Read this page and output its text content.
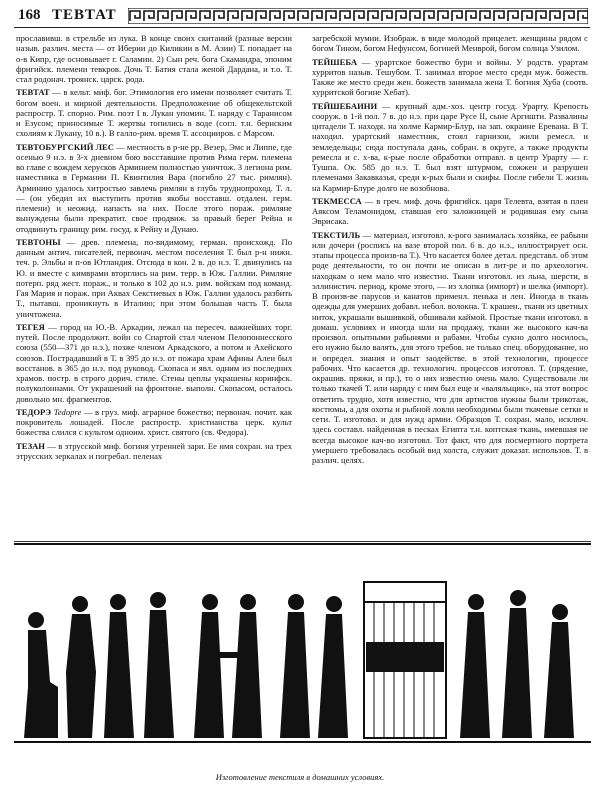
168 ТЕВТАТ

прославивш. в стрельбе из лука. В конце своих скитаний (разные версии назыв. различ. места — от Иберии до Киликии в М. Азии) Т. попадает на о-в Кипр, где основывает г. Саламин. 2) Сын реч. бога Скамандра, эпоним фригийск. племени тевкров. Дочь Т. Батия стала женой Дардана, и т.о. Т. стал родонач. троянск. царск. рода.

ТЕВТАТ — в кельт. миф. бог. Этимология его имени позволяет считать Т. богом воен. и мирной деятельности. Предположение об общекельтской распростр. Т. спорно. Рим. поэт I в. Лукан упомин. Т. наряду с Таранисом и Езусом; приносимые Т. жертвы топились в воде (согл. т.н. бернским схолиям к Лукану, 10 в.). В галло-рим. время Т. ассоцииров. с Марсом.

ТЕВТОБУРГСКИЙ ЛЕС — местность в р-не рр. Везер, Эмс и Липпе, где осенью 9 н.э. в 3-х дневном бою восставшие против Рима герм. племена во главе с вождем херусков Арминием полностью уничтож. 3 легиона рим. наместника в Германии П. Квинтилия Вара (погибло 27 тыс. римлян). Арминию удалось хитростью завлечь римлян в глубь труднопроход. Т. л. — (он убедил их выступить против якобы восставш. отдален. герм. племени) и неожид. напасть на них. После этого пораж. римляне вынуждены были прекратит. свое продвиж. за правый берег Рейна и отодвинуть границу рим. госуд. к Рейну и Дунаю.

ТЕВТОНЫ — древ. племена, по-видимому, герман. происхожд. По данным антич. писателей, первонач. местом поселения Т. был р-н нижн. теч. р. Эльбы и п-ов Ютландия. Отсюда в кон. 2 в. до н.э. Т. двинулись на Ю. и вместе с кимврами вторглись на рим. терр. в Юж. Галлии. Римляне потерп. ряд жест. пораж., и только в 102 до н.э. рим. войскам под команд. Гая Мария и пораж. при Аквах Секстиевых в Юж. Галлии удалось разбить Т., пытавш. проникнуть в Италию; при этом большая часть Т. была уничтожена.

ТЕГЕЯ — город на Ю.-В. Аркадии, лежал на пересеч. важнейших торг. путей. После продолжит. войн со Спартой стал членом Пелопоннесского союза (550—371 до н.э.), позже членом Аркадского, а потом и Ахейского союзов. Пострадавший в Т. в 395 до н.э. от пожара храм Афины Алеи был восстанов. в 365 до н.э. под руковод. Скопаса и явл. одним из последних храмов. постр. в строго дорич. стиле. Стены цеплы украшены коринфск. полуколоннами. От украшений на фронтоне. выполн. Скопасом, осталось довольно мн. фрагментов.

ТЕДОРЭ Tedopre — в груз. миф. аграрное божество; первонач. почит. как покровитель лошадей. После распростр. христианства церк. культ божества слился с культом одноим. христ. святого (св. Федора).

ТЕЗАН — в этрусской миф. богиня утренней зари. Ее имя сохран. на трех этрусских зеркалах и погребал. пеленах

загребской мумии. Изображ. в виде молодой прицелет. женщины рядом с богом Тином, богом Нефунсом, богиней Менврой, богом солнца Узилом.

ТЕЙШЕБА — урартское божество бури и войны. У родств. урартам хурритов назыв. Тешубом. Т. занимал второе место среди муж. божеств. Также же место среди жен. божеств занимала жена Т. богиня Хуба (соотв. хурритской богине Хебат).

ТЕЙШЕБАИНИ — крупный адм.-хоз. центр госуд. Урарту. Крепость сооруж. в 1-й пол. 7 в. до н.э. при царе Русе II, сыне Аргишти. Развалины цитадели Т. находя. на холме Кармир-Блур, на зап. окраине Еревана. В Т. находил. урартский наместник, стоял гарнизон, жили ремесл. и земледельцы; сюда поступала дань, собран. в округе, а также продукты ремесла и с. х-ва, к-рые после обработки отправл. в центр Урарту — г. Тушпа. Ок. 585 до н.э. Т. был взят штурмом, сожжен и разрушен племенами Закавказья, среди к-рых были и скифы. После гибели Т. жизнь на Кармир-Блуре долго не возобнова.

ТЕКМЕССА — в греч. миф. дочь фригийск. царя Телевта, взятая в плен Аяксом Теламонидом, ставшая его заложницей и родившая ему сына Эврисака.

ТЕКСТИЛЬ — материал, изготовл. к-рого занималась хозяйка, ее рабыни или дочери (роспись на вазе второй пол. 6 в. до н.э., иллюстрирует осн. этапы процесса произв-ва Т.). Что касается более детал. представл. об этом роде деятельности, то он почти не описан в лит-ре и по археологич. находкам о нем мало что известно. Ткани изготовл. из льна, шерсти, в эллинистич. период, кроме этого, — из хлопка (импорт) и шелка (импорт). В произв-ве парусов и канатов применл. пенька и лен. Иногда в ткань одежды для умерших добавл. небол. волокна. Т. крашен., ткани из цветных ниток, украшали вышивкой, обшивали каймой. Простые ткани изготовл. в домаш. условиях и иногда шли на продажу, ткани же высокого кач-ва произвол. опытными рабынями и рабами. Чтобы сукно долго носилось, его нужно было валять, для этого требов. не только спец. оборудование, но и определ. знания и опыт заодействе. в этой технологии, процессе рабочих. Что касается др. технологич. процессов изготовл. Т. (прядение, окрашив. пряжи, и пр.), то о них известно очень мало. Существовали ли только ткачей Т. или наряду с ним был еще и «валяльщик», на этот вопрос ответить трудно, хотя известно, что для артистов нужны были трикотаж, костюмы, а для охоты и рыбной ловли необходимы были ткачевые сетки и сети. Т. изготовл. и для нужд армии. Образцов Т. сохран. мало, исключ. здесь составл. найденная в песках Египта т.н. коптская ткань, имевшая не всегда высокое кач-во изготовл. Тот факт, что для посмертного портрета умершего требовалась особый вид холста, служит доказат. использов. Т. в различ. целях.

Изготовление текстиля в домашних условиях.
